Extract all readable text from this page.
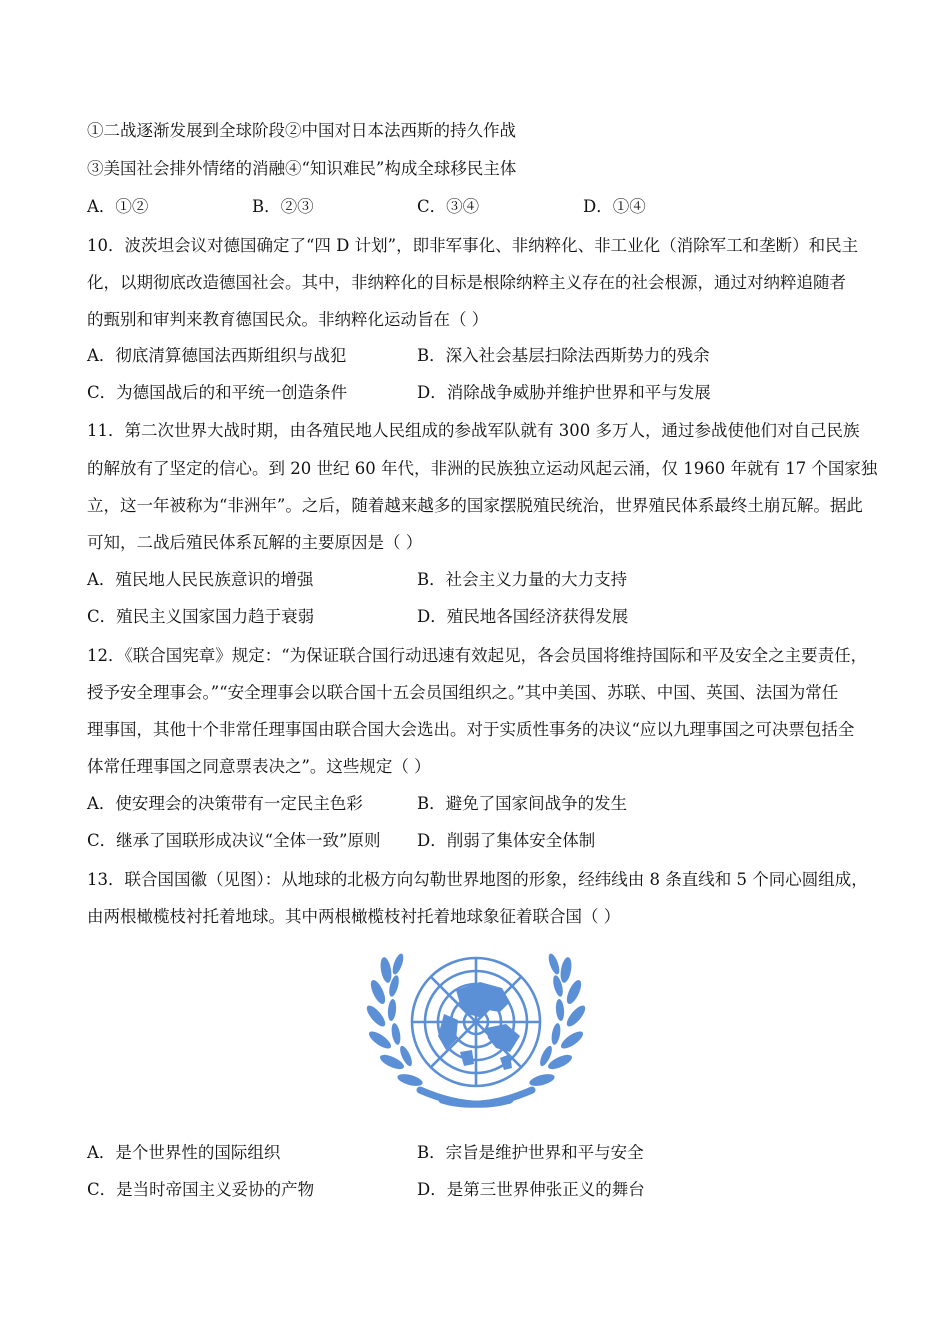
①二战逐渐发展到全球阶段②中国对日本法西斯的持久作战
③美国社会排外情绪的消融④“知识难民”构成全球移民主体
A．①②	B．②③	C．③④	D．①④
10．波茨坦会议对德国确定了“四 D 计划”，即非军事化、非纳粹化、非工业化（消除军工和垄断）和民主
化，以期彻底改造德国社会。其中，非纳粹化的目标是根除纳粹主义存在的社会根源，通过对纳粹追随者
的甄别和审判来教育德国民众。非纳粹化运动旨在（ ）
A．彻底清算德国法西斯组织与战犯	B．深入社会基层扫除法西斯势力的残余
C．为德国战后的和平统一创造条件	D．消除战争威胁并维护世界和平与发展
11．第二次世界大战时期，由各殖民地人民组成的参战军队就有 300 多万人，通过参战使他们对自己民族
的解放有了坚定的信心。到 20 世纪 60 年代，非洲的民族独立运动风起云涌，仅 1960 年就有 17 个国家独
立，这一年被称为“非洲年”。之后，随着越来越多的国家摆脱殖民统治，世界殖民体系最终土崩瓦解。据此
可知，二战后殖民体系瓦解的主要原因是（ ）
A．殖民地人民民族意识的增强	B．社会主义力量的大力支持
C．殖民主义国家国力趋于衰弱	D．殖民地各国经济获得发展
12．《联合国宪章》规定：“为保证联合国行动迅速有效起见，各会员国将维持国际和平及安全之主要责任，
授予安全理事会。”“安全理事会以联合国十五会员国组织之。”其中美国、苏联、中国、英国、法国为常任
理事国，其他十个非常任理事国由联合国大会选出。对于实质性事务的决议“应以九理事国之可决票包括全
体常任理事国之同意票表决之”。这些规定（ ）
A．使安理会的决策带有一定民主色彩	B．避免了国家间战争的发生
C．继承了国联形成决议“全体一致”原则 D．削弱了集体安全体制
13．联合国国徽（见图）：从地球的北极方向勾勒世界地图的形象，经纬线由 8 条直线和 5 个同心圆组成，
由两根橄榄枝衬托着地球。其中两根橄榄枝衬托着地球象征着联合国（ ）
A．是个世界性的国际组织	B．宗旨是维护世界和平与安全
C．是当时帝国主义妥协的产物	D．是第三世界伸张正义的舞台
